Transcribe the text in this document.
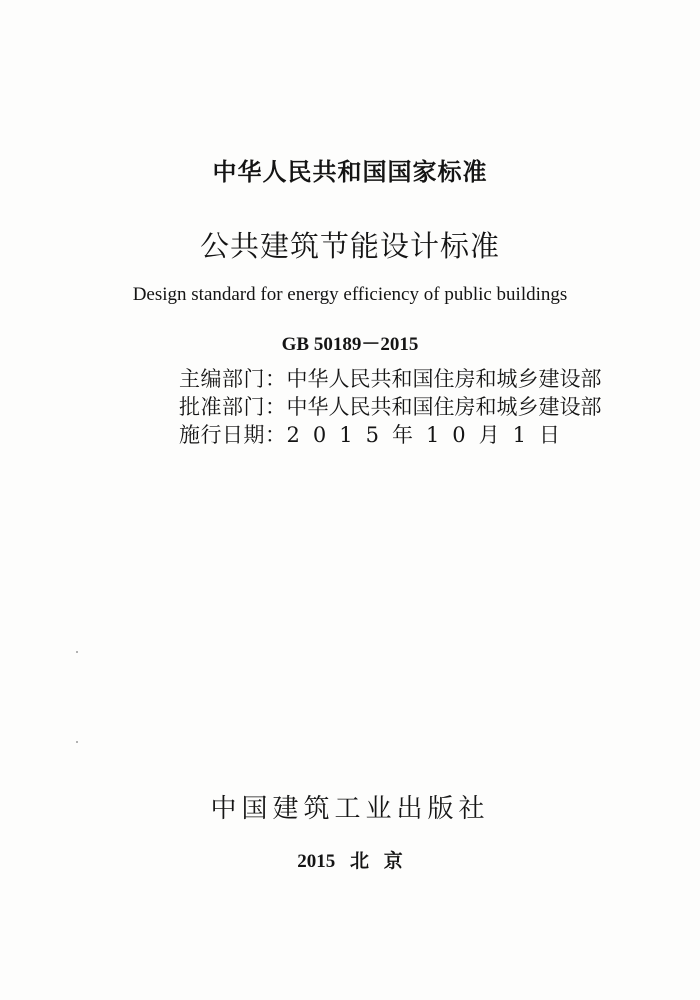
中华人民共和国国家标准
公共建筑节能设计标准
Design standard for energy efficiency of public buildings
GB 50189－2015
主编部门：中华人民共和国住房和城乡建设部
批准部门：中华人民共和国住房和城乡建设部
施行日期：2015年10月1日
中国建筑工业出版社
2015 北 京
